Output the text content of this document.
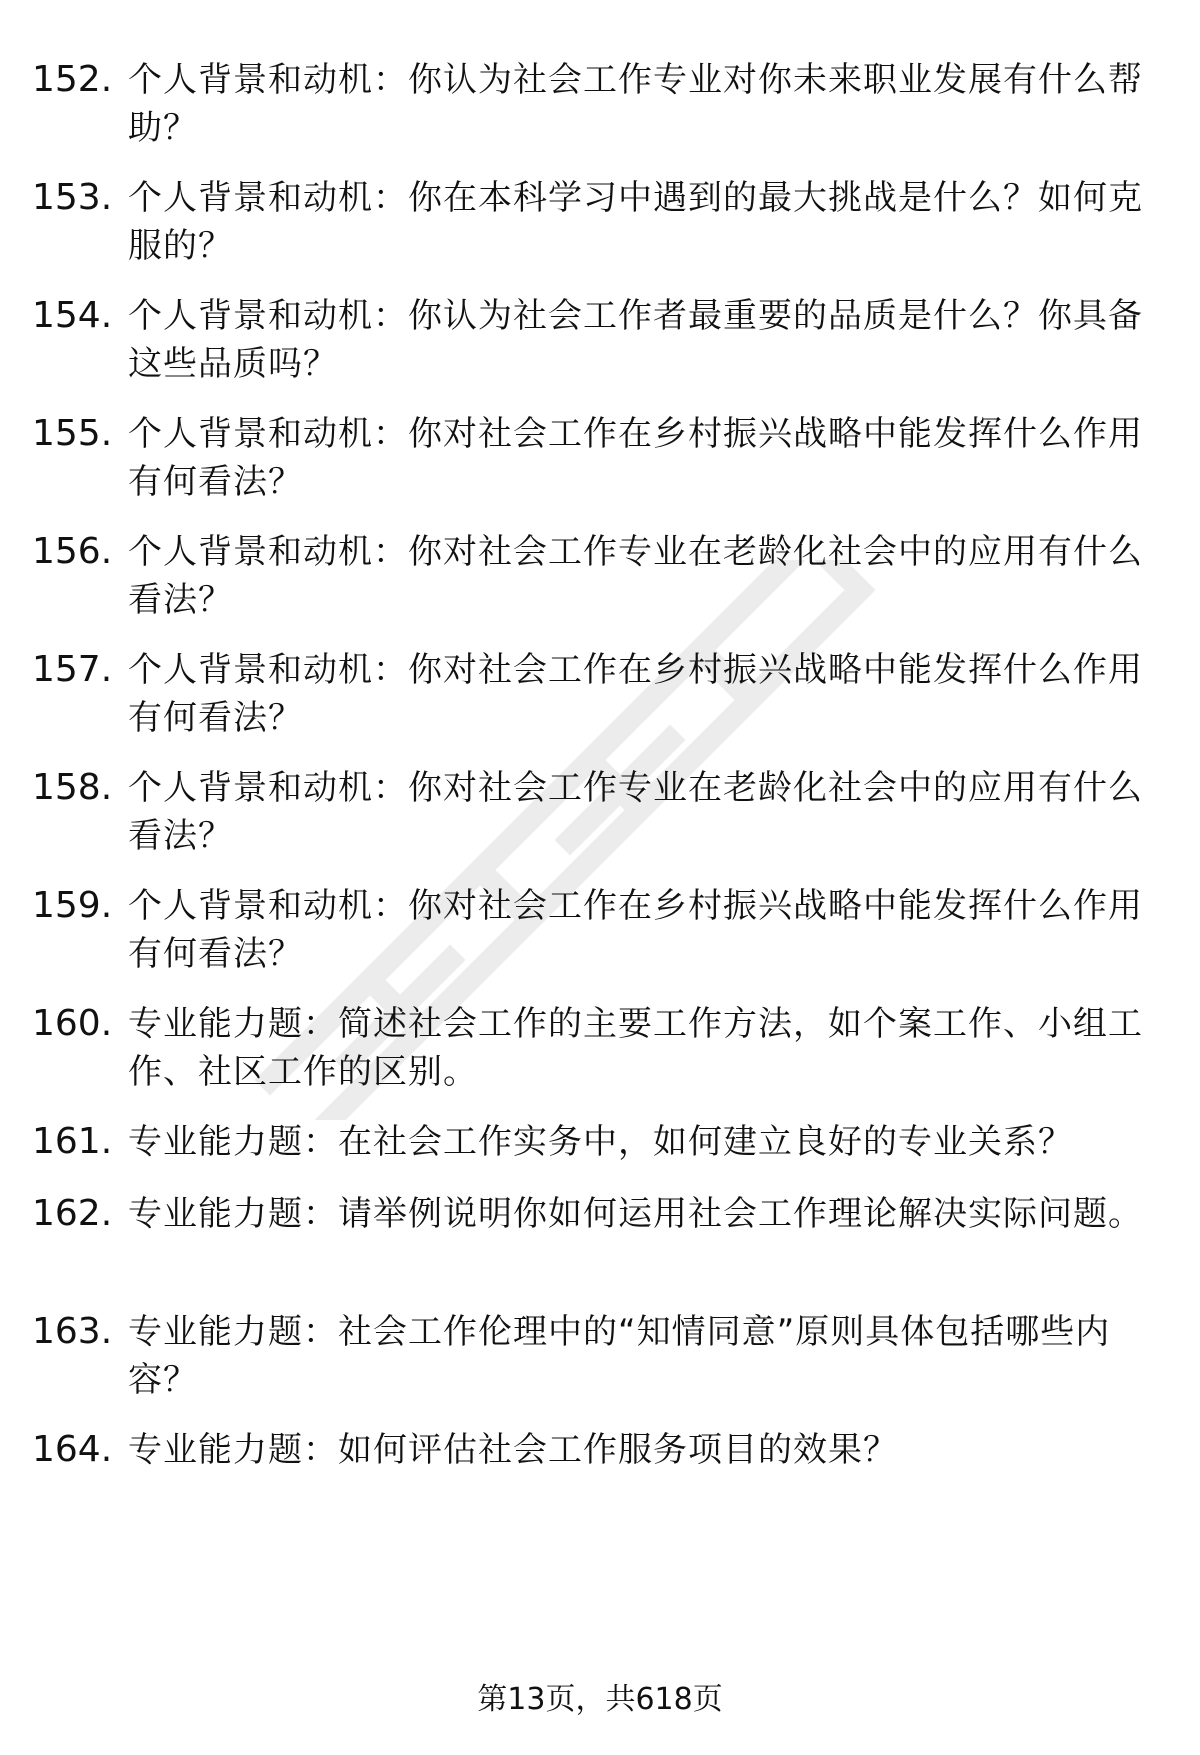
152. 个人背景和动机：你认为社会工作专业对你未来职业发展有什么帮助？
153. 个人背景和动机：你在本科学习中遇到的最大挑战是什么？如何克服的？
154. 个人背景和动机：你认为社会工作者最重要的品质是什么？你具备这些品质吗？
155. 个人背景和动机：你对社会工作在乡村振兴战略中能发挥什么作用有何看法？
156. 个人背景和动机：你对社会工作专业在老龄化社会中的应用有什么看法？
157. 个人背景和动机：你对社会工作在乡村振兴战略中能发挥什么作用有何看法？
158. 个人背景和动机：你对社会工作专业在老龄化社会中的应用有什么看法？
159. 个人背景和动机：你对社会工作在乡村振兴战略中能发挥什么作用有何看法？
160. 专业能力题：简述社会工作的主要工作方法，如个案工作、小组工作、社区工作的区别。
161. 专业能力题：在社会工作实务中，如何建立良好的专业关系？
162. 专业能力题：请举例说明你如何运用社会工作理论解决实际问题。
163. 专业能力题：社会工作伦理中的“知情同意”原则具体包括哪些内容？
164. 专业能力题：如何评估社会工作服务项目的效果？
第13页，共618页
